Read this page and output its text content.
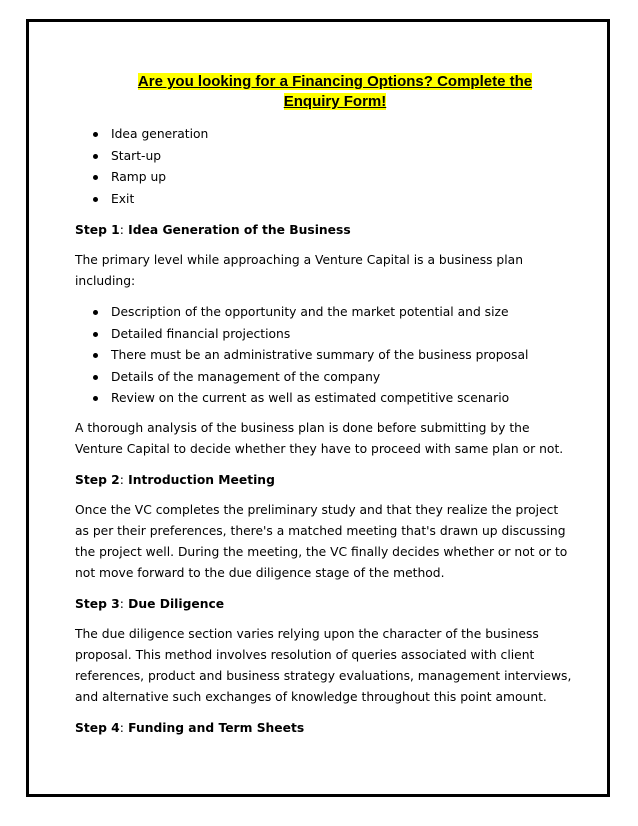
Are you looking for a Financing Options? Complete the
Enquiry Form!
Idea generation
Start-up
Ramp up
Exit
Step 1: Idea Generation of the Business

The primary level while approaching a Venture Capital is a business plan including:

Description of the opportunity and the market potential and size
Detailed financial projections
There must be an administrative summary of the business proposal
Details of the management of the company
Review on the current as well as estimated competitive scenario

A thorough analysis of the business plan is done before submitting by the Venture Capital to decide whether they have to proceed with same plan or not.

Step 2: Introduction Meeting

Once the VC completes the preliminary study and that they realize the project as per their preferences, there's a matched meeting that's drawn up discussing the project well. During the meeting, the VC finally decides whether or not or to not move forward to the due diligence stage of the method.

Step 3: Due Diligence

The due diligence section varies relying upon the character of the business proposal. This method involves resolution of queries associated with client references, product and business strategy evaluations, management interviews, and alternative such exchanges of knowledge throughout this point amount.

Step 4: Funding and Term Sheets
